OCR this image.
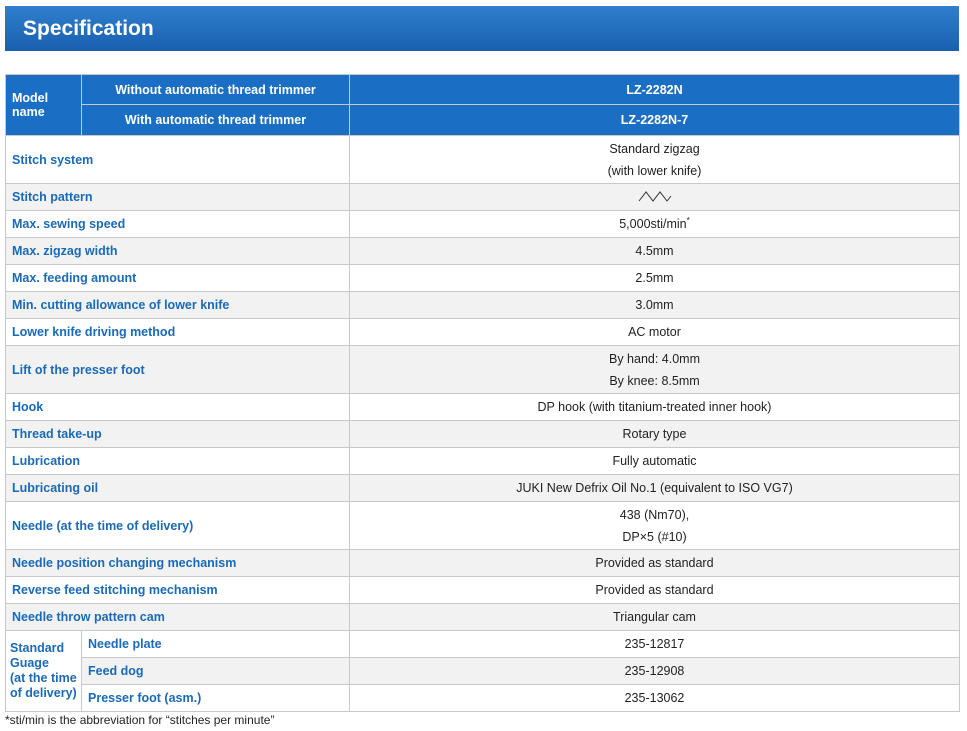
Specification
Model name	Without automatic thread trimmer	LZ-2282N
	With automatic thread trimmer	LZ-2282N-7
Stitch system		Standard zigzag
(with lower knife)

Stitch pattern	
Max. sewing speed		5,000sti/min*
Max. zigzag width		4.5mm
Max. feeding amount		2.5mm
Min. cutting allowance of lower knife		3.0mm
Lower knife driving method		AC motor
Lift of the presser foot		By hand: 4.0mm
By knee: 8.5mm

Hook		DP hook (with titanium-treated inner hook)
Thread take-up		Rotary type
Lubrication		Fully automatic
Lubricating oil		JUKI New Defrix Oil No.1 (equivalent to ISO VG7)
Needle (at the time of delivery)		438 (Nm70),
DP×5 (#10)

Needle position changing mechanism		Provided as standard
Reverse feed stitching mechanism		Provided as standard
Needle throw pattern cam		Triangular cam

Standard
Guage
(at the time
of delivery)	Needle plate	235-12817
	Feed dog	235-12908
	Presser foot (asm.)	235-13062
*sti/min is the abbreviation for “stitches per minute”
